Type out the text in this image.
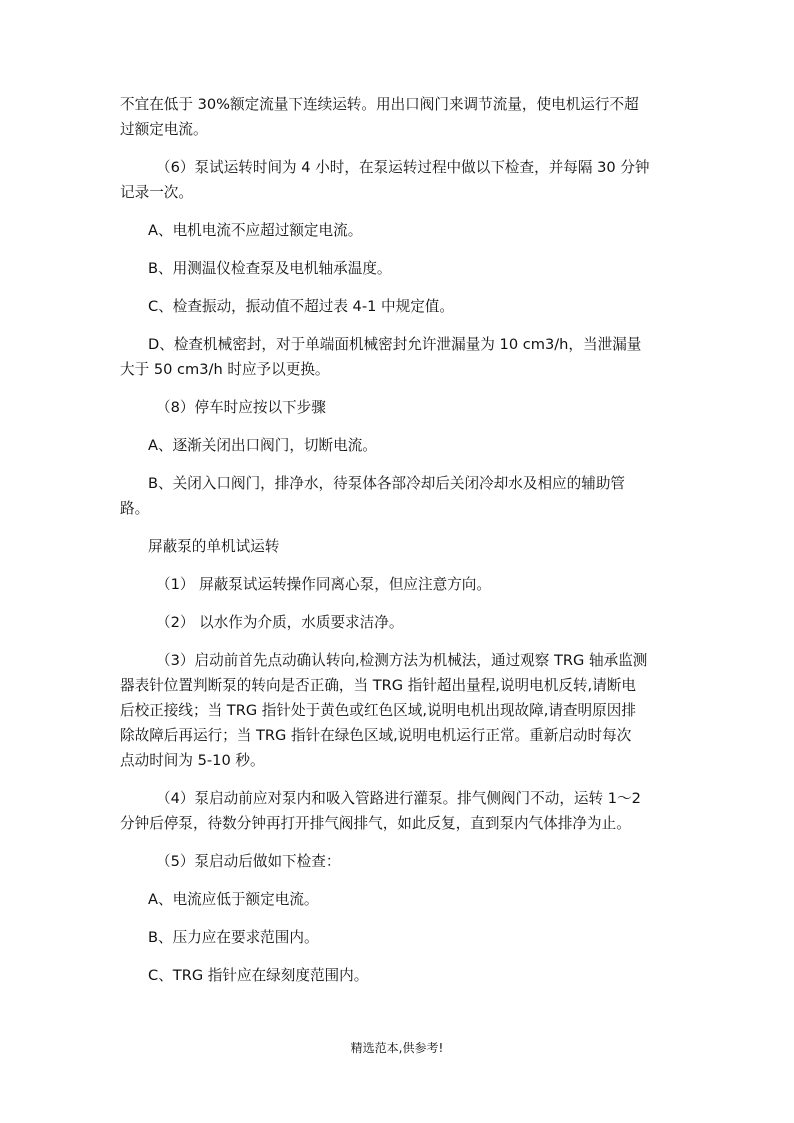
不宜在低于 30%额定流量下连续运转。用出口阀门来调节流量，使电机运行不超
过额定电流。

（6）泵试运转时间为 4 小时，在泵运转过程中做以下检查，并每隔 30 分钟
记录一次。

A、电机电流不应超过额定电流。

B、用测温仪检查泵及电机轴承温度。

C、检查振动，振动值不超过表 4-1 中规定值。

D、检查机械密封，对于单端面机械密封允许泄漏量为 10 cm3/h，当泄漏量
大于 50 cm3/h 时应予以更换。

（8）停车时应按以下步骤

A、逐渐关闭出口阀门，切断电流。

B、关闭入口阀门，排净水，待泵体各部冷却后关闭冷却水及相应的辅助管
路。

屏蔽泵的单机试运转

（1） 屏蔽泵试运转操作同离心泵，但应注意方向。

（2） 以水作为介质，水质要求洁净。

（3）启动前首先点动确认转向,检测方法为机械法，通过观察 TRG 轴承监测
器表针位置判断泵的转向是否正确，当 TRG 指针超出量程,说明电机反转,请断电
后校正接线；当 TRG 指针处于黄色或红色区域,说明电机出现故障,请查明原因排
除故障后再运行；当 TRG 指针在绿色区域,说明电机运行正常。重新启动时每次
点动时间为 5-10 秒。

（4）泵启动前应对泵内和吸入管路进行灌泵。排气侧阀门不动，运转 1～2
分钟后停泵，待数分钟再打开排气阀排气，如此反复，直到泵内气体排净为止。

（5）泵启动后做如下检查：

A、电流应低于额定电流。

B、压力应在要求范围内。

C、TRG 指针应在绿刻度范围内。

精选范本,供参考!
